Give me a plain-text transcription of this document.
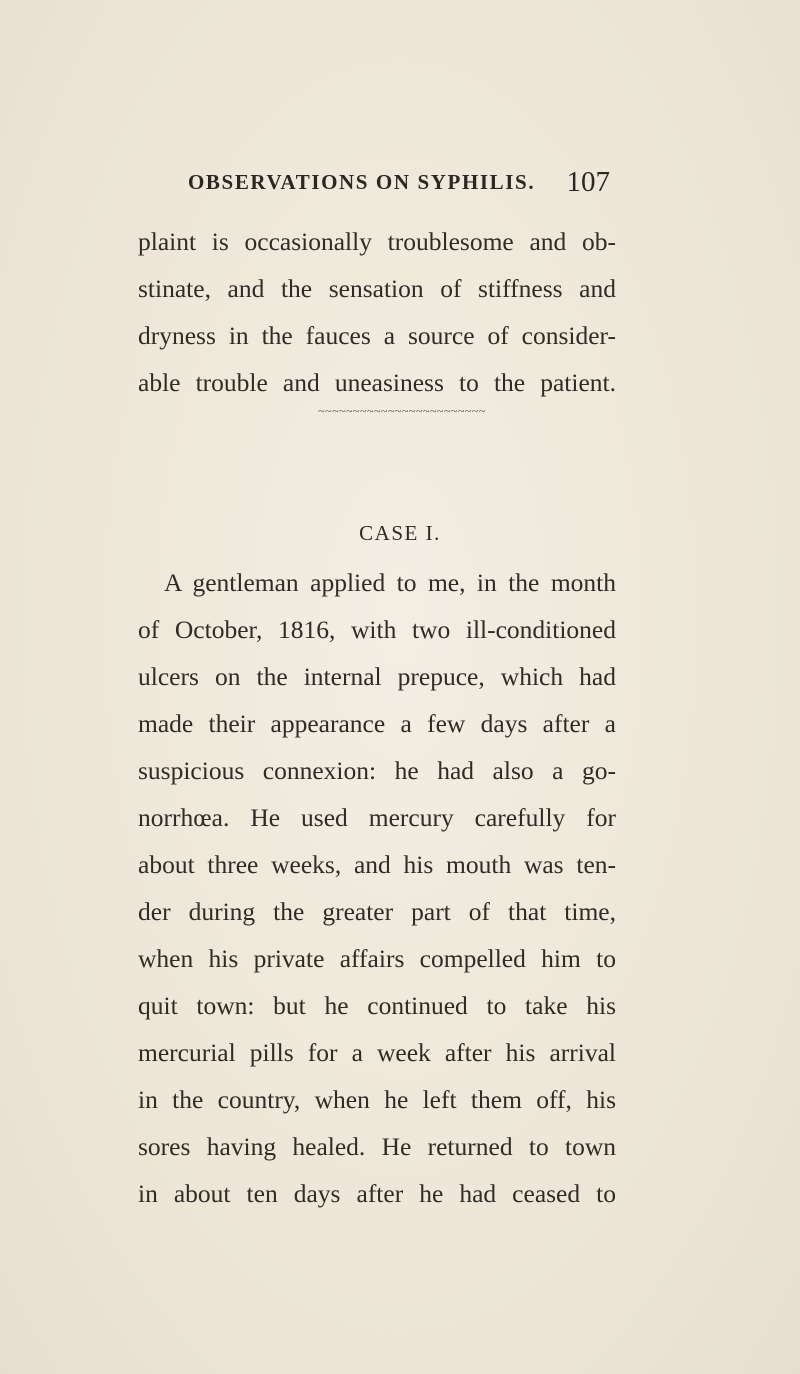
OBSERVATIONS ON SYPHILIS. 107
plaint is occasionally troublesome and ob-
stinate, and the sensation of stiffness and
dryness in the fauces a source of consider-
able trouble and uneasiness to the patient.
~~~~~~~~~~~~~~~~~~~~~~~~
CASE I.
A gentleman applied to me, in the month
of October, 1816, with two ill-conditioned
ulcers on the internal prepuce, which had
made their appearance a few days after a
suspicious connexion: he had also a go-
norrhœa. He used mercury carefully for
about three weeks, and his mouth was ten-
der during the greater part of that time,
when his private affairs compelled him to
quit town: but he continued to take his
mercurial pills for a week after his arrival
in the country, when he left them off, his
sores having healed. He returned to town
in about ten days after he had ceased to
